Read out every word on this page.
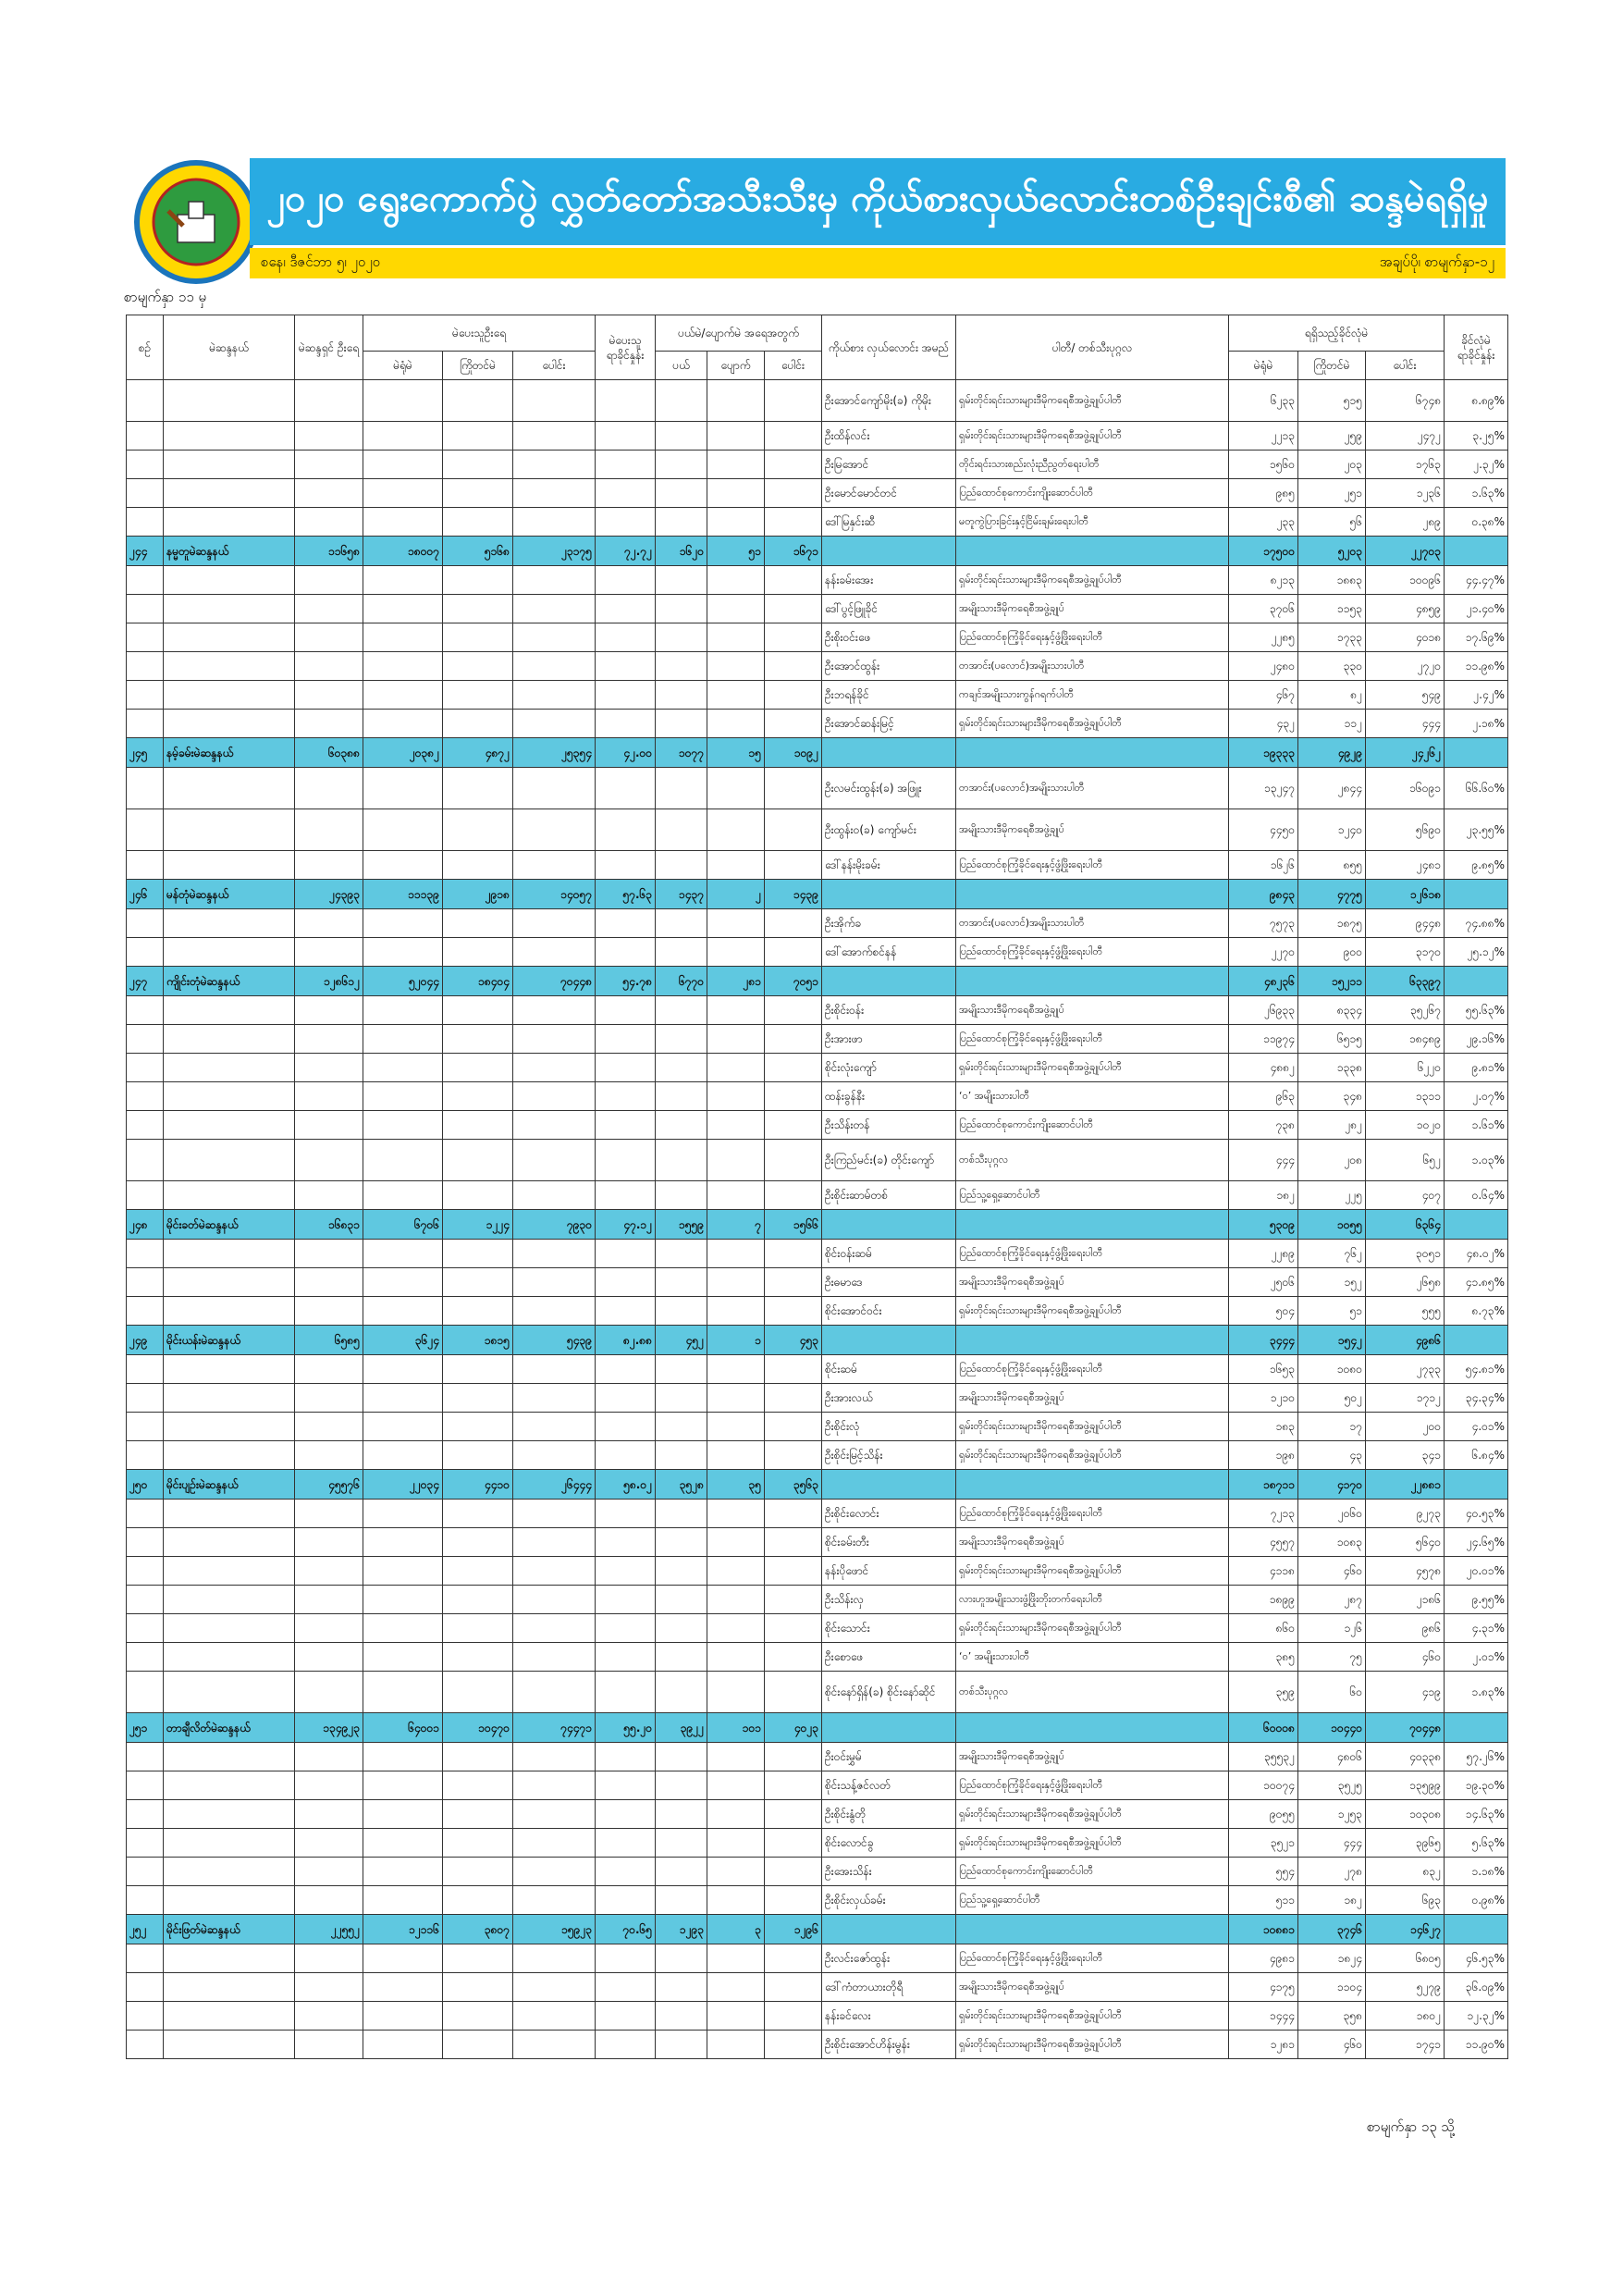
၂၀၂၀ ရွေးကောက်ပွဲ လွှတ်တော်အသီးသီးမှ ကိုယ်စားလှယ်လောင်းတစ်ဦးချင်းစီ၏ ဆန္ဒမဲရရှိမှု
စနေ၊ ဒီဇင်ဘာ ၅၊ ၂၀၂၀	အချပ်ပို၊ စာမျက်နှာ-၁၂
စာမျက်နှာ ၁၁ မှ
စဉ်	မဲဆန္ဒနယ်	မဲဆန္ဒရှင် ဦးရေ	မဲပေးသူဦးရေ			မဲပေးသူ ရာခိုင်နှုန်း	ပယ်မဲ/ပျောက်မဲ အရေအတွက်			ကိုယ်စား လှယ်လောင်း အမည်	ပါတီ/ တစ်သီးပုဂ္ဂလ	ရရှိသည့်ခိုင်လုံမဲ			ခိုင်လုံမဲ ရာခိုင်နှုန်း
			မဲရုံမဲ	ကြိုတင်မဲ	ပေါင်း		ပယ်	ပျောက်	ပေါင်း			မဲရုံမဲ	ကြိုတင်မဲ	ပေါင်း	
										ဦးအောင်ကျော်မိုး(ခ) ကိုမိုး	ရှမ်းတိုင်းရင်းသားများဒီမိုကရေစီအဖွဲ့ချုပ်ပါတီ	၆၂၃၃	၅၁၅	၆၇၄၈	၈.၈၉%
										ဦးထိန်လင်း	ရှမ်းတိုင်းရင်းသားများဒီမိုကရေစီအဖွဲ့ချုပ်ပါတီ	၂၂၁၃	၂၅၉	၂၄၇၂	၃.၂၅%
										ဦးမြအောင်	တိုင်းရင်းသားစည်းလုံးညီညွတ်ရေးပါတီ	၁၅၆၀	၂၀၃	၁၇၆၃	၂.၃၂%
										ဦးမောင်မောင်တင်	ပြည်ထောင်စုကောင်းကျိုးဆောင်ပါတီ	၉၈၅	၂၅၁	၁၂၃၆	၁.၆၃%
										ဒေါ်မြနှင်းဆီ	မတူကွဲပြားခြင်းနှင့်ငြိမ်းချမ်းရေးပါတီ	၂၃၃	၅၆	၂၈၉	၀.၃၈%
၂၄၄	နမ္မတူမဲဆန္ဒနယ်	၁၁၆၅၈	၁၈၀၀၇	၅၁၆၈	၂၃၁၇၅	၇၂.၇၂	၁၆၂၀	၅၁	၁၆၇၁			၁၇၅၀၀	၅၂၀၃	၂၂၇၀၃	
										နန်းခမ်းအေး	ရှမ်းတိုင်းရင်းသားများဒီမိုကရေစီအဖွဲ့ချုပ်ပါတီ	၈၂၁၃	၁၈၈၃	၁၀၀၉၆	၄၄.၄၇%
										ဒေါ်ပွင့်ဖြူခိုင်	အမျိုးသားဒီမိုကရေစီအဖွဲ့ချုပ်	၃၇၀၆	၁၁၅၃	၄၈၅၉	၂၁.၄၀%
										ဦးစိုးဝင်းဖေ	ပြည်ထောင်စုကြံ့ခိုင်ရေးနှင့်ဖွံ့ဖြိုးရေးပါတီ	၂၂၈၅	၁၇၃၃	၄၀၁၈	၁၇.၆၉%
										ဦးအောင်ထွန်း	တအာင်း(ပလောင်)အမျိုးသားပါတီ	၂၄၈၀	၃၃၀	၂၇၂၀	၁၁.၉၈%
										ဦးဘရန်ခိုင်	ကချင်အမျိုးသားကွန်ဂရက်ပါတီ	၄၆၇	၈၂	၅၄၉	၂.၄၂%
										ဦးအောင်ဆန်းမြင့်	ရှမ်းတိုင်းရင်းသားများဒီမိုကရေစီအဖွဲ့ချုပ်ပါတီ	၄၃၂	၁၁၂	၄၄၄	၂.၁၈%
၂၄၅	နမ့်ခမ်းမဲဆန္ဒနယ်	၆၀၃၈၈	၂၀၃၈၂	၄၈၇၂	၂၅၃၅၄	၄၂.၀၀	၁၀၇၇	၁၅	၁၀၉၂			၁၉၃၃၃	၄၉၂၉	၂၄၂၆၂	
										ဦးလမင်းထွန်း(ခ) အဖြူး	တအာင်း(ပလောင်)အမျိုးသားပါတီ	၁၃၂၄၇	၂၈၄၄	၁၆၀၉၁	၆၆.၆၀%
										ဦးထွန်းဝ(ခ) ကျော်မင်း	အမျိုးသားဒီမိုကရေစီအဖွဲ့ချုပ်	၄၄၅၀	၁၂၄၀	၅၆၉၀	၂၃.၅၅%
										ဒေါ်နန်းမိုးခမ်း	ပြည်ထောင်စုကြံ့ခိုင်ရေးနှင့်ဖွံ့ဖြိုးရေးပါတီ	၁၆၂၆	၈၅၅	၂၄၈၁	၉.၈၅%
၂၄၆	မန်တုံမဲဆန္ဒနယ်	၂၄၃၉၃	၁၁၁၃၉	၂၉၁၈	၁၄၀၅၇	၅၇.၆၃	၁၄၃၇	၂	၁၄၃၉			၉၈၄၃	၄၇၇၅	၁၂၆၁၈	
										ဦးအိုက်ခ	တအာင်း(ပလောင်)အမျိုးသားပါတီ	၇၅၇၃	၁၈၇၅	၉၄၄၈	၇၄.၈၈%
										ဒေါ်အောက်စင်နန်	ပြည်ထောင်စုကြံ့ခိုင်ရေးနှင့်ဖွံ့ဖြိုးရေးပါတီ	၂၂၇၀	၉၀၀	၃၁၇၀	၂၅.၁၂%
၂၄၇	ကျိုင်းတုံမဲဆန္ဒနယ်	၁၂၈၆၁၂	၅၂၀၄၄	၁၈၄၀၄	၇၀၄၄၈	၅၄.၇၈	၆၇၇၀	၂၈၁	၇၀၅၁			၄၈၂၃၆	၁၅၂၁၁	၆၃၃၉၇	
										ဦးစိုင်းဝန်း	အမျိုးသားဒီမိုကရေစီအဖွဲ့ချုပ်	၂၆၉၃၃	၈၃၃၄	၃၅၂၆၇	၅၅.၆၃%
										ဦးအားဖာ	ပြည်ထောင်စုကြံ့ခိုင်ရေးနှင့်ဖွံ့ဖြိုးရေးပါတီ	၁၁၉၇၄	၆၅၁၅	၁၈၄၈၉	၂၉.၁၆%
										စိုင်းလုံးကျော်	ရှမ်းတိုင်းရင်းသားများဒီမိုကရေစီအဖွဲ့ချုပ်ပါတီ	၄၈၈၂	၁၃၃၈	၆၂၂၀	၉.၈၁%
										ထန်းခွန်နီး	‘ဝ’ အမျိုးသားပါတီ	၉၆၃	၃၄၈	၁၃၁၁	၂.၀၇%
										ဦးသိန်းတန်	ပြည်ထောင်စုကောင်းကျိုးဆောင်ပါတီ	၇၃၈	၂၈၂	၁၀၂၀	၁.၆၁%
										ဦးကြည်မင်း(ခ) တိုင်းကျော်	တစ်သီးပုဂ္ဂလ	၄၄၄	၂၀၈	၆၅၂	၁.၀၃%
										ဦးစိုင်းဆာမ်တစ်	ပြည်သူ့ရှေ့ဆောင်ပါတီ	၁၈၂	၂၂၅	၄၀၇	၀.၆၄%
၂၄၈	မိုင်းခတ်မဲဆန္ဒနယ်	၁၆၈၃၁	၆၇၀၆	၁၂၂၄	၇၉၃၀	၄၇.၁၂	၁၅၅၉	၇	၁၅၆၆			၅၃၀၉	၁၀၅၅	၆၃၆၄	
										စိုင်းဝန်းဆမ်	ပြည်ထောင်စုကြံ့ခိုင်ရေးနှင့်ဖွံ့ဖြိုးရေးပါတီ	၂၂၈၉	၇၆၂	၃၀၅၁	၄၈.၀၂%
										ဦးဓမာဒေ	အမျိုးသားဒီမိုကရေစီအဖွဲ့ချုပ်	၂၅၀၆	၁၅၂	၂၆၅၈	၄၁.၈၅%
										စိုင်းအောင်ဝင်း	ရှမ်းတိုင်းရင်းသားများဒီမိုကရေစီအဖွဲ့ချုပ်ပါတီ	၅၀၄	၅၁	၅၅၅	၈.၇၃%
၂၄၉	မိုင်းယန်းမဲဆန္ဒနယ်	၆၅၈၅	၃၆၂၄	၁၈၁၅	၅၄၃၉	၈၂.၈၈	၄၅၂	၁	၄၅၃			၃၄၄၄	၁၅၄၂	၄၉၈၆	
										စိုင်းဆမ်	ပြည်ထောင်စုကြံ့ခိုင်ရေးနှင့်ဖွံ့ဖြိုးရေးပါတီ	၁၆၅၃	၁၀၈၀	၂၇၃၃	၅၄.၈၁%
										ဦးအားလယ်	အမျိုးသားဒီမိုကရေစီအဖွဲ့ချုပ်	၁၂၁၀	၅၀၂	၁၇၁၂	၃၄.၃၄%
										ဦးစိုင်းလုံ	ရှမ်းတိုင်းရင်းသားများဒီမိုကရေစီအဖွဲ့ချုပ်ပါတီ	၁၈၃	၁၇	၂၀၀	၄.၀၁%
										ဦးစိုင်းမြင့်သိန်း	ရှမ်းတိုင်းရင်းသားများဒီမိုကရေစီအဖွဲ့ချုပ်ပါတီ	၁၉၈	၄၃	၃၄၁	၆.၈၄%
၂၅၀	မိုင်းပျဉ်းမဲဆန္ဒနယ်	၄၅၅၇၆	၂၂၀၃၄	၄၄၁၀	၂၆၄၄၄	၅၈.၀၂	၃၅၂၈	၃၅	၃၅၆၃			၁၈၇၁၁	၄၁၇၀	၂၂၈၈၁	
										ဦးစိုင်းလောင်း	ပြည်ထောင်စုကြံ့ခိုင်ရေးနှင့်ဖွံ့ဖြိုးရေးပါတီ	၇၂၁၃	၂၀၆၀	၉၂၇၃	၄၀.၅၃%
										စိုင်းခမ်းတီး	အမျိုးသားဒီမိုကရေစီအဖွဲ့ချုပ်	၄၅၅၇	၁၀၈၃	၅၆၄၀	၂၄.၆၅%
										နန်းပိုဖောင်	ရှမ်းတိုင်းရင်းသားများဒီမိုကရေစီအဖွဲ့ချုပ်ပါတီ	၄၁၁၈	၄၆၀	၄၅၇၈	၂၀.၀၁%
										ဦးသိန်းလှ	လားဟူအမျိုးသားဖွံ့ဖြိုးတိုးတက်ရေးပါတီ	၁၈၉၉	၂၈၇	၂၁၈၆	၉.၅၅%
										စိုင်းသောင်း	ရှမ်းတိုင်းရင်းသားများဒီမိုကရေစီအဖွဲ့ချုပ်ပါတီ	၈၆၀	၁၂၆	၉၈၆	၄.၃၁%
										ဦးစောဖေ	‘ဝ’ အမျိုးသားပါတီ	၃၈၅	၇၅	၄၆၀	၂.၀၁%
										စိုင်းနော်ရှိန်(ခ) စိုင်းနော်ဆိုင်	တစ်သီးပုဂ္ဂလ	၃၅၉	၆၀	၄၁၉	၁.၈၃%
၂၅၁	တာချီလိတ်မဲဆန္ဒနယ်	၁၃၄၉၂၃	၆၄၀၀၁	၁၀၄၇၀	၇၄၄၇၁	၅၅.၂၀	၃၉၂၂	၁၀၁	၄၀၂၃			၆၀၀၀၈	၁၀၄၄၀	၇၀၄၄၈	
										ဦးဝင်းမွှမ်	အမျိုးသားဒီမိုကရေစီအဖွဲ့ချုပ်	၃၅၅၃၂	၄၈၀၆	၄၀၃၃၈	၅၇.၂၆%
										စိုင်းသန့်ဇင်လတ်	ပြည်ထောင်စုကြံ့ခိုင်ရေးနှင့်ဖွံ့ဖြိုးရေးပါတီ	၁၀၀၇၄	၃၅၂၅	၁၃၅၉၉	၁၉.၃၀%
										ဦးစိုင်းနွံတို	ရှမ်းတိုင်းရင်းသားများဒီမိုကရေစီအဖွဲ့ချုပ်ပါတီ	၉၀၅၅	၁၂၅၃	၁၀၃၀၈	၁၄.၆၃%
										စိုင်းလောင်ခွ	ရှမ်းတိုင်းရင်းသားများဒီမိုကရေစီအဖွဲ့ချုပ်ပါတီ	၃၅၂၁	၄၄၄	၃၉၆၅	၅.၆၃%
										ဦးအေးသိန်း	ပြည်ထောင်စုကောင်းကျိုးဆောင်ပါတီ	၅၅၄	၂၇၈	၈၃၂	၁.၁၈%
										ဦးစိုင်းလှယ်ခမ်း	ပြည်သူ့ရှေ့ဆောင်ပါတီ	၅၁၁	၁၈၂	၆၉၃	၀.၉၈%
၂၅၂	မိုင်းဖြတ်မဲဆန္ဒနယ်	၂၂၅၅၂	၁၂၁၁၆	၃၈၀၇	၁၅၉၂၃	၇၀.၆၅	၁၂၉၃	၃	၁၂၉၆			၁၀၈၈၁	၃၇၄၆	၁၄၆၂၇	
										ဦးလင်းဇော်ထွန်း	ပြည်ထောင်စုကြံ့ခိုင်ရေးနှင့်ဖွံ့ဖြိုးရေးပါတီ	၄၉၈၁	၁၈၂၄	၆၈၀၅	၄၆.၅၃%
										ဒေါ်ကံတာယားတိုရီ	အမျိုးသားဒီမိုကရေစီအဖွဲ့ချုပ်	၄၁၇၅	၁၁၀၄	၅၂၇၉	၃၆.၀၉%
										နန်းခင်လေး	ရှမ်းတိုင်းရင်းသားများဒီမိုကရေစီအဖွဲ့ချုပ်ပါတီ	၁၄၄၄	၃၅၈	၁၈၀၂	၁၂.၃၂%
										ဦးစိုင်းအောင်ဟိန်းမွန်း	ရှမ်းတိုင်းရင်းသားများဒီမိုကရေစီအဖွဲ့ချုပ်ပါတီ	၁၂၈၁	၄၆၀	၁၇၄၁	၁၁.၉၀%
စာမျက်နှာ ၁၃ သို့
